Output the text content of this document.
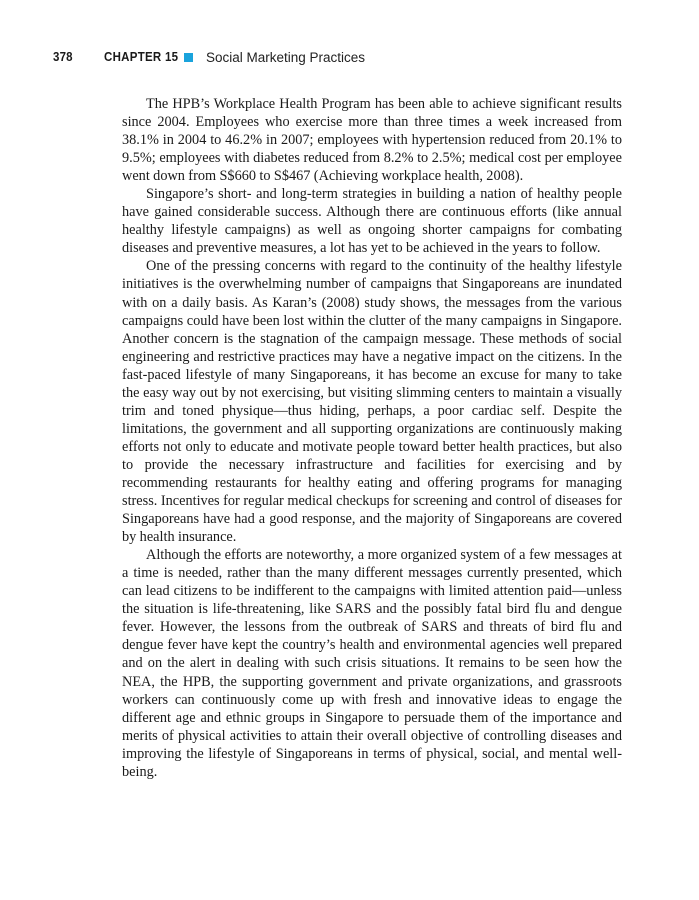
378	CHAPTER 15 Social Marketing Practices

The HPB’s Workplace Health Program has been able to achieve significant results since 2004. Employees who exercise more than three times a week increased from 38.1% in 2004 to 46.2% in 2007; employees with hypertension reduced from 20.1% to 9.5%; employees with diabetes reduced from 8.2% to 2.5%; medical cost per employee went down from S$660 to S$467 (Achieving workplace health, 2008).

Singapore’s short- and long-term strategies in building a nation of healthy people have gained considerable success. Although there are continuous efforts (like annual healthy lifestyle campaigns) as well as ongoing shorter campaigns for combating diseases and preventive measures, a lot has yet to be achieved in the years to follow.

One of the pressing concerns with regard to the continuity of the healthy lifestyle initiatives is the overwhelming number of campaigns that Singaporeans are inundated with on a daily basis. As Karan’s (2008) study shows, the messages from the various campaigns could have been lost within the clutter of the many campaigns in Singapore. Another concern is the stagnation of the campaign message. These methods of social engineering and restrictive practices may have a negative impact on the citizens. In the fast-paced lifestyle of many Singaporeans, it has become an excuse for many to take the easy way out by not exercising, but visiting slimming centers to maintain a visually trim and toned physique—thus hiding, perhaps, a poor cardiac self. Despite the limitations, the government and all supporting organizations are continuously making efforts not only to educate and motivate people toward better health practices, but also to provide the necessary infrastructure and facilities for exercising and by recommending restaurants for healthy eating and offering programs for managing stress. Incentives for regular medical checkups for screening and control of diseases for Singaporeans have had a good response, and the majority of Singaporeans are covered by health insurance.

Although the efforts are noteworthy, a more organized system of a few messages at a time is needed, rather than the many different messages currently presented, which can lead citizens to be indifferent to the campaigns with limited attention paid—unless the situation is life-threatening, like SARS and the possibly fatal bird flu and dengue fever. However, the lessons from the outbreak of SARS and threats of bird flu and dengue fever have kept the country’s health and environmental agencies well prepared and on the alert in dealing with such crisis situations. It remains to be seen how the NEA, the HPB, the supporting government and private organizations, and grassroots workers can continuously come up with fresh and innovative ideas to engage the different age and ethnic groups in Singapore to persuade them of the importance and merits of physical activities to attain their overall objective of controlling diseases and improving the lifestyle of Singaporeans in terms of physical, social, and mental well-being.
